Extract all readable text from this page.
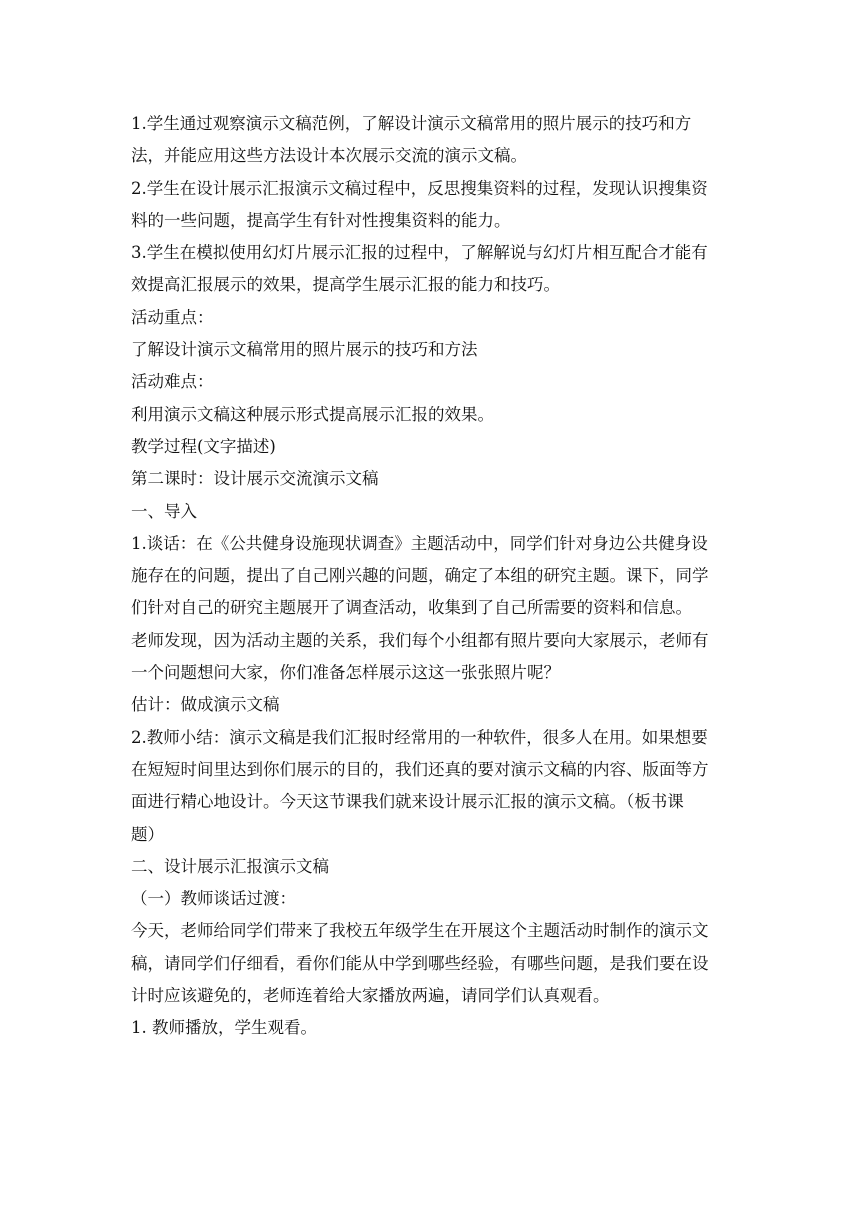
1.学生通过观察演示文稿范例，了解设计演示文稿常用的照片展示的技巧和方
法，并能应用这些方法设计本次展示交流的演示文稿。
2.学生在设计展示汇报演示文稿过程中，反思搜集资料的过程，发现认识搜集资
料的一些问题，提高学生有针对性搜集资料的能力。
3.学生在模拟使用幻灯片展示汇报的过程中，了解解说与幻灯片相互配合才能有
效提高汇报展示的效果，提高学生展示汇报的能力和技巧。
活动重点：
了解设计演示文稿常用的照片展示的技巧和方法
活动难点：
利用演示文稿这种展示形式提高展示汇报的效果。
教学过程(文字描述)
第二课时：设计展示交流演示文稿
一、导入
1.谈话：在《公共健身设施现状调查》主题活动中，同学们针对身边公共健身设
施存在的问题，提出了自己刚兴趣的问题，确定了本组的研究主题。课下，同学
们针对自己的研究主题展开了调查活动，收集到了自己所需要的资料和信息。
老师发现，因为活动主题的关系，我们每个小组都有照片要向大家展示，老师有
一个问题想问大家，你们准备怎样展示这这一张张照片呢？
估计：做成演示文稿
2.教师小结：演示文稿是我们汇报时经常用的一种软件，很多人在用。如果想要
在短短时间里达到你们展示的目的，我们还真的要对演示文稿的内容、版面等方
面进行精心地设计。今天这节课我们就来设计展示汇报的演示文稿。（板书课
题）
二、设计展示汇报演示文稿
（一）教师谈话过渡：
今天，老师给同学们带来了我校五年级学生在开展这个主题活动时制作的演示文
稿，请同学们仔细看，看你们能从中学到哪些经验，有哪些问题，是我们要在设
计时应该避免的，老师连着给大家播放两遍，请同学们认真观看。
1. 教师播放，学生观看。
